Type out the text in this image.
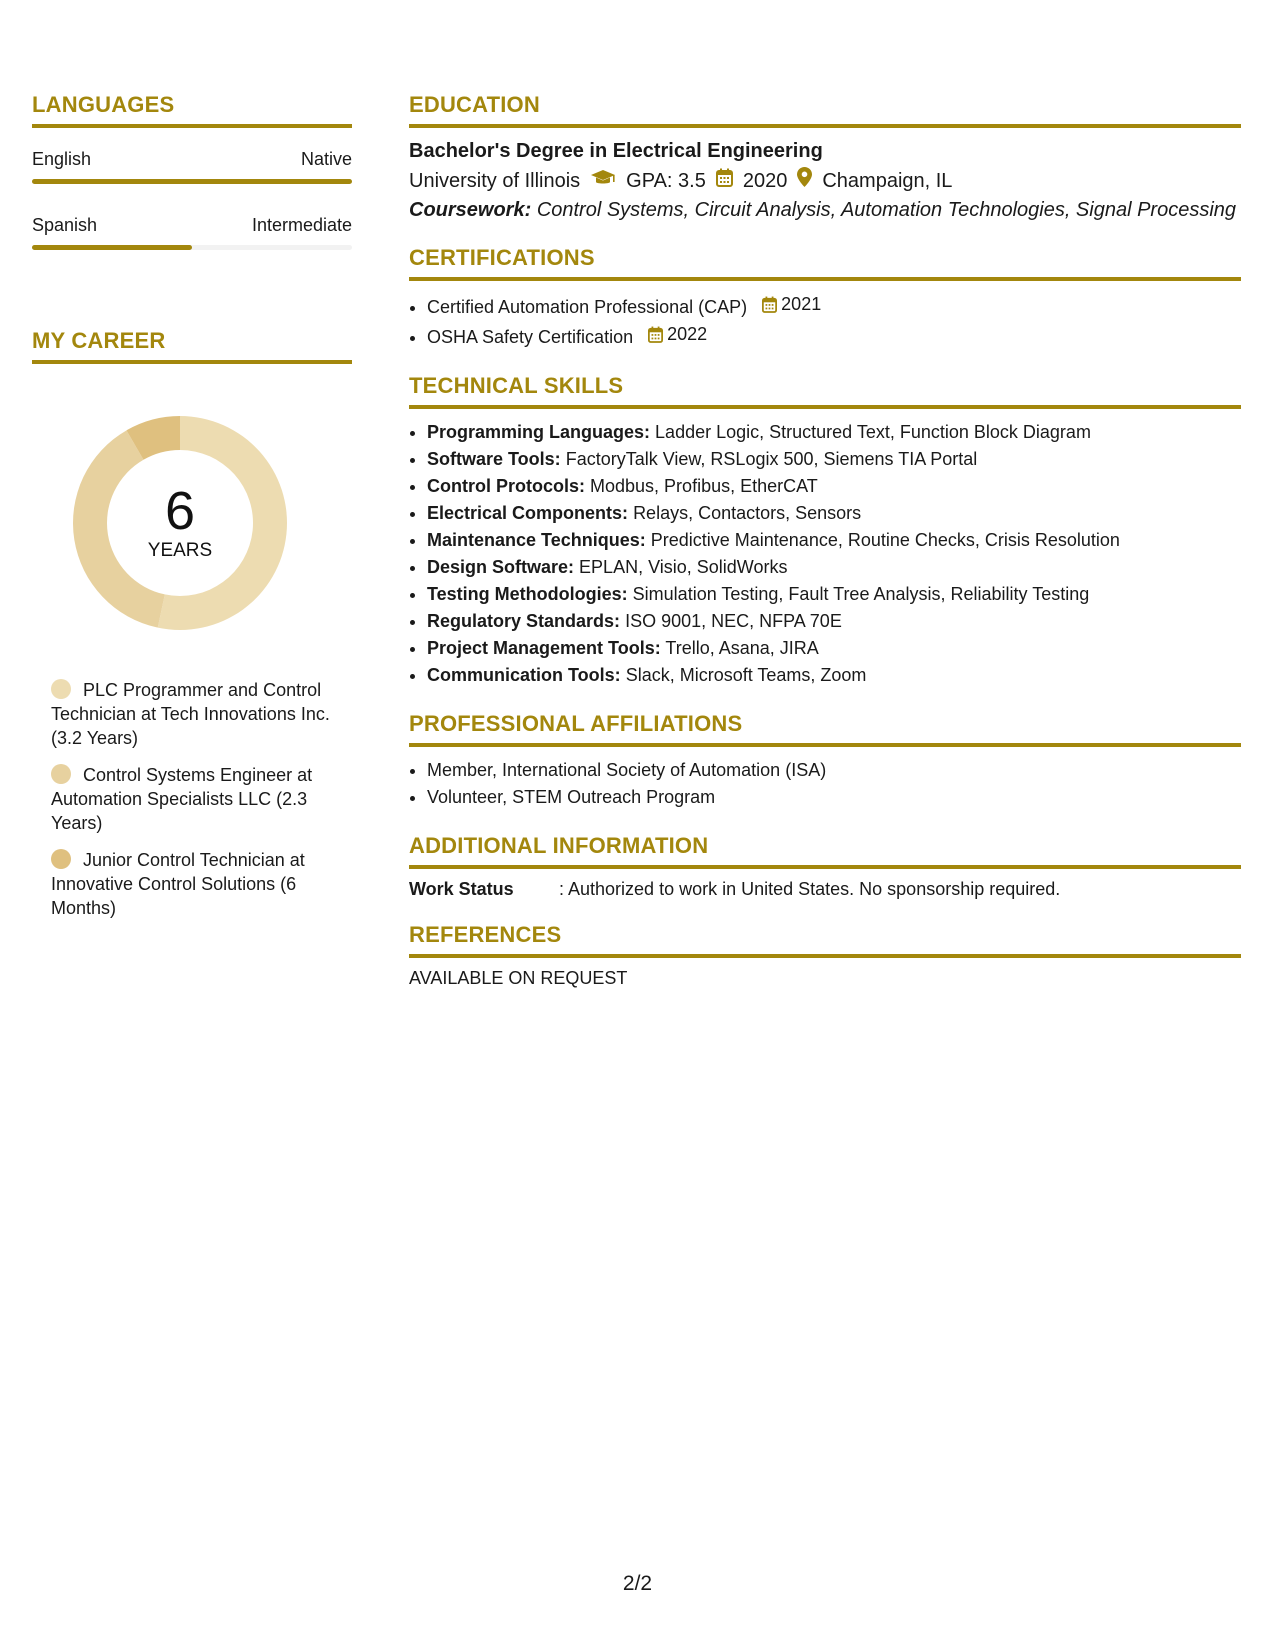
LANGUAGES
English	Native
Spanish	Intermediate
MY CAREER
6
YEARS
PLC Programmer and Control Technician at Tech Innovations Inc. (3.2 Years)
Control Systems Engineer at Automation Specialists LLC (2.3 Years)
Junior Control Technician at Innovative Control Solutions (6 Months)
EDUCATION
Bachelor's Degree in Electrical Engineering
University of Illinois GPA: 3.5 2020 Champaign, IL
Coursework: Control Systems, Circuit Analysis, Automation Technologies, Signal Processing
CERTIFICATIONS
• Certified Automation Professional (CAP) 2021
• OSHA Safety Certification 2022
TECHNICAL SKILLS
• Programming Languages: Ladder Logic, Structured Text, Function Block Diagram
• Software Tools: FactoryTalk View, RSLogix 500, Siemens TIA Portal
• Control Protocols: Modbus, Profibus, EtherCAT
• Electrical Components: Relays, Contactors, Sensors
• Maintenance Techniques: Predictive Maintenance, Routine Checks, Crisis Resolution
• Design Software: EPLAN, Visio, SolidWorks
• Testing Methodologies: Simulation Testing, Fault Tree Analysis, Reliability Testing
• Regulatory Standards: ISO 9001, NEC, NFPA 70E
• Project Management Tools: Trello, Asana, JIRA
• Communication Tools: Slack, Microsoft Teams, Zoom
PROFESSIONAL AFFILIATIONS
• Member, International Society of Automation (ISA)
• Volunteer, STEM Outreach Program
ADDITIONAL INFORMATION
Work Status	: Authorized to work in United States. No sponsorship required.
REFERENCES
AVAILABLE ON REQUEST
2/2
